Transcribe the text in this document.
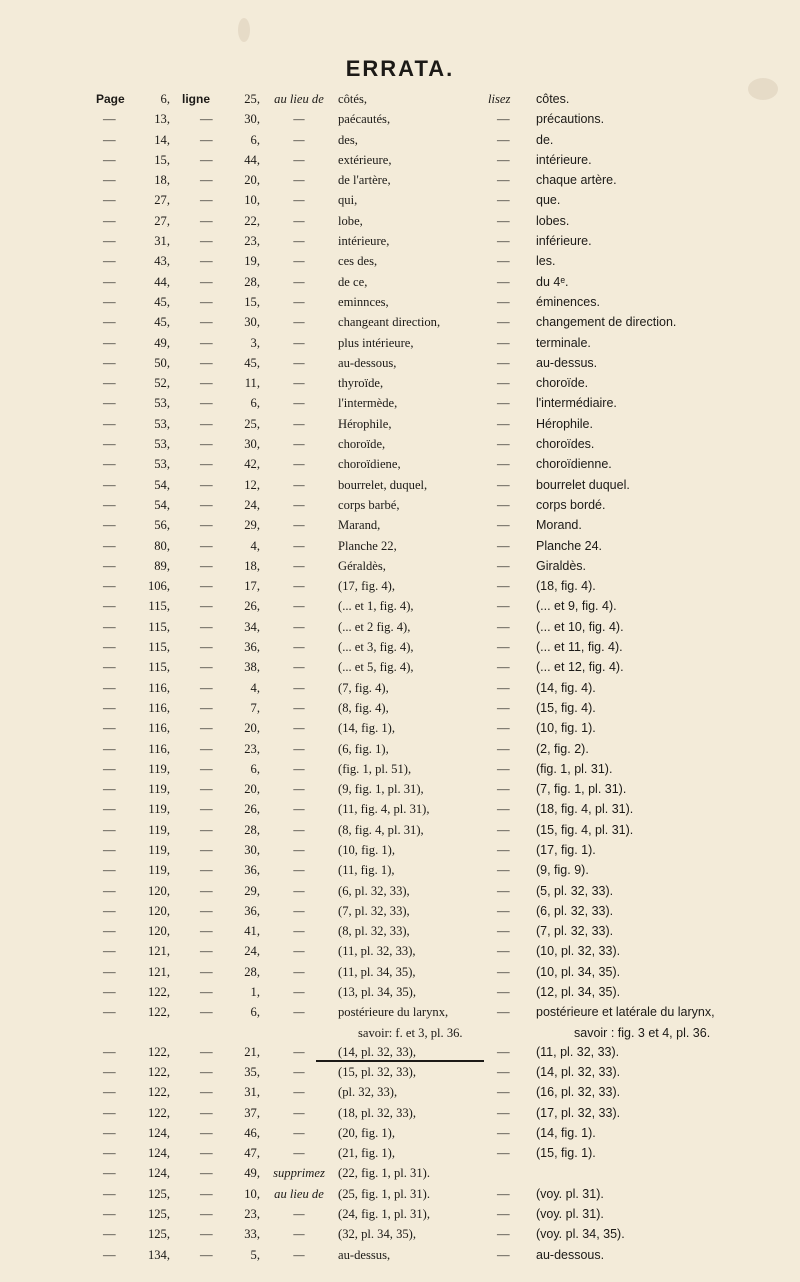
ERRATA.
Page	6, ligne	25,	au lieu de	côtés,	lisez côtes.
—	13, —	30,	—	paécautés,	— précautions.
—	14, —	6,	—	des,	— de.
—	15, —	44,	—	extérieure,	— intérieure.
—	18, —	20,	—	de l'artère,	— chaque artère.
—	27, —	10,	—	qui,	— que.
—	27, —	22,	—	lobe,	— lobes.
—	31, —	23,	—	intérieure,	— inférieure.
—	43, —	19,	—	ces des,	— les.
—	44, —	28,	—	de ce,	— du 4ᵉ.
—	45, —	15,	—	eminnces,	— éminences.
—	45, —	30,	—	changeant direction,	— changement de direction.
—	49, —	3,	—	plus intérieure,	— terminale.
—	50, —	45,	—	au-dessous,	— au-dessus.
—	52, —	11,	—	thyroïde,	— choroïde.
—	53, —	6,	—	l'intermède,	— l'intermédiaire.
—	53, —	25,	—	Hérophile,	— Hérophile.
—	53, —	30,	—	choroïde,	— choroïdes.
—	53, —	42,	—	choroïdiene,	— choroïdienne.
—	54, —	12,	—	bourrelet, duquel,	— bourrelet duquel.
—	54, —	24,	—	corps barbé,	— corps bordé.
—	56, —	29,	—	Marand,	— Morand.
—	80, —	4,	—	Planche 22,	— Planche 24.
—	89, —	18,	—	Géraldès,	— Giraldès.
—	106, —	17,	—	(17, fig. 4),	— (18, fig. 4).
—	115, —	26,	—	(... et 1, fig. 4),	— (... et 9, fig. 4).
—	115, —	34,	—	(... et 2 fig. 4),	— (... et 10, fig. 4).
—	115, —	36,	—	(... et 3, fig. 4),	— (... et 11, fig. 4).
—	115, —	38,	—	(... et 5, fig. 4),	— (... et 12, fig. 4).
—	116, —	4,	—	(7, fig. 4),	— (14, fig. 4).
—	116, —	7,	—	(8, fig. 4),	— (15, fig. 4).
—	116, —	20,	—	(14, fig. 1),	— (10, fig. 1).
—	116, —	23,	—	(6, fig. 1),	— (2, fig. 2).
—	119, —	6,	—	(fig. 1, pl. 51),	— (fig. 1, pl. 31).
—	119, —	20,	—	(9, fig. 1, pl. 31),	— (7, fig. 1, pl. 31).
—	119, —	26,	—	(11, fig. 4, pl. 31),	— (18, fig. 4, pl. 31).
—	119, —	28,	—	(8, fig. 4, pl. 31),	— (15, fig. 4, pl. 31).
—	119, —	30,	—	(10, fig. 1),	— (17, fig. 1).
—	119, —	36,	—	(11, fig. 1),	— (9, fig. 9).
—	120, —	29,	—	(6, pl. 32, 33),	— (5, pl. 32, 33).
—	120, —	36,	—	(7, pl. 32, 33),	— (6, pl. 32, 33).
—	120, —	41,	—	(8, pl. 32, 33),	— (7, pl. 32, 33).
—	121, —	24,	—	(11, pl. 32, 33),	— (10, pl. 32, 33).
—	121, —	28,	—	(11, pl. 34, 35),	— (10, pl. 34, 35).
—	122, —	1,	—	(13, pl. 34, 35),	— (12, pl. 34, 35).
—	122, —	6,	—	postérieure du larynx,	— postérieure et latérale du larynx,
savoir: f. et 3, pl. 36.	savoir : fig. 3 et 4, pl. 36.
—	122, —	21,	—	(14, pl. 32, 33),	— (11, pl. 32, 33).
—	122, —	35,	—	(15, pl. 32, 33),	— (14, pl. 32, 33).
—	122, —	31,	—	(pl. 32, 33),	— (16, pl. 32, 33).
—	122, —	37,	—	(18, pl. 32, 33),	— (17, pl. 32, 33).
—	124, —	46,	—	(20, fig. 1),	— (14, fig. 1).
—	124, —	47,	—	(21, fig. 1),	— (15, fig. 1).
—	124, —	49,	supprimez	(22, fig. 1, pl. 31).
—	125, —	10,	au lieu de	(25, fig. 1, pl. 31).	— (voy. pl. 31).
—	125, —	23,	—	(24, fig. 1, pl. 31),	— (voy. pl. 31).
—	125, —	33,	—	(32, pl. 34, 35),	— (voy. pl. 34, 35).
—	134, —	5,	—	au-dessus,	— au-dessous.
